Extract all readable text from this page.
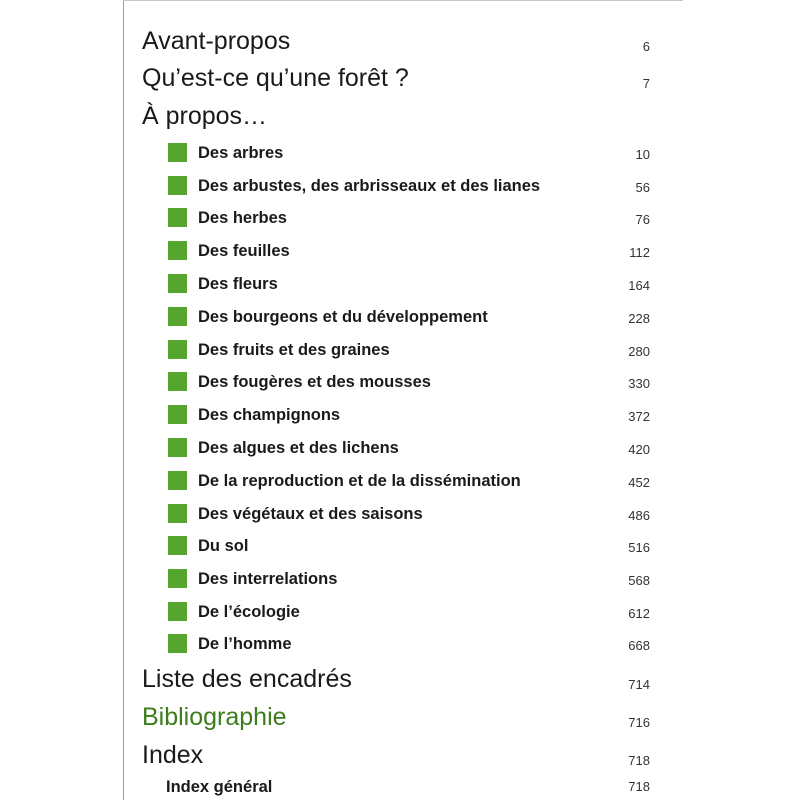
Avant-propos	6
Qu’est-ce qu’une forêt ?	7
À propos…
Des arbres	10
Des arbustes, des arbrisseaux et des lianes	56
Des herbes	76
Des feuilles	112
Des fleurs	164
Des bourgeons et du développement	228
Des fruits et des graines	280
Des fougères et des mousses	330
Des champignons	372
Des algues et des lichens	420
De la reproduction et de la dissémination	452
Des végétaux et des saisons	486
Du sol	516
Des interrelations	568
De l’écologie	612
De l’homme	668
Liste des encadrés	714
Bibliographie	716
Index	718
Index général	718
